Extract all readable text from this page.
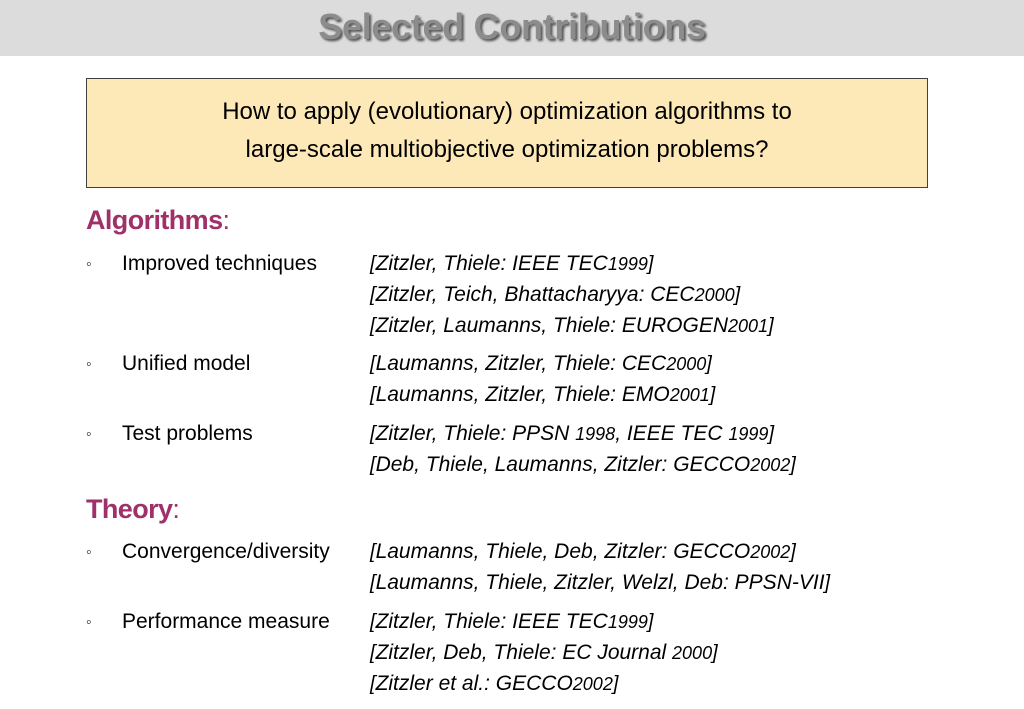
Selected Contributions
How to apply (evolutionary) optimization algorithms to
large-scale multiobjective optimization problems?
Algorithms:
◦ Improved techniques	[Zitzler, Thiele: IEEE TEC1999]
[Zitzler, Teich, Bhattacharyya: CEC2000]
[Zitzler, Laumanns, Thiele: EUROGEN2001]
◦ Unified model	[Laumanns, Zitzler, Thiele: CEC2000]
[Laumanns, Zitzler, Thiele: EMO2001]
◦ Test problems	[Zitzler, Thiele: PPSN 1998, IEEE TEC 1999]
[Deb, Thiele, Laumanns, Zitzler: GECCO2002]
Theory:
◦ Convergence/diversity [Laumanns, Thiele, Deb, Zitzler: GECCO2002]
[Laumanns, Thiele, Zitzler, Welzl, Deb: PPSN-VII]
◦ Performance measure [Zitzler, Thiele: IEEE TEC1999]
[Zitzler, Deb, Thiele: EC Journal 2000]
[Zitzler et al.: GECCO2002]
